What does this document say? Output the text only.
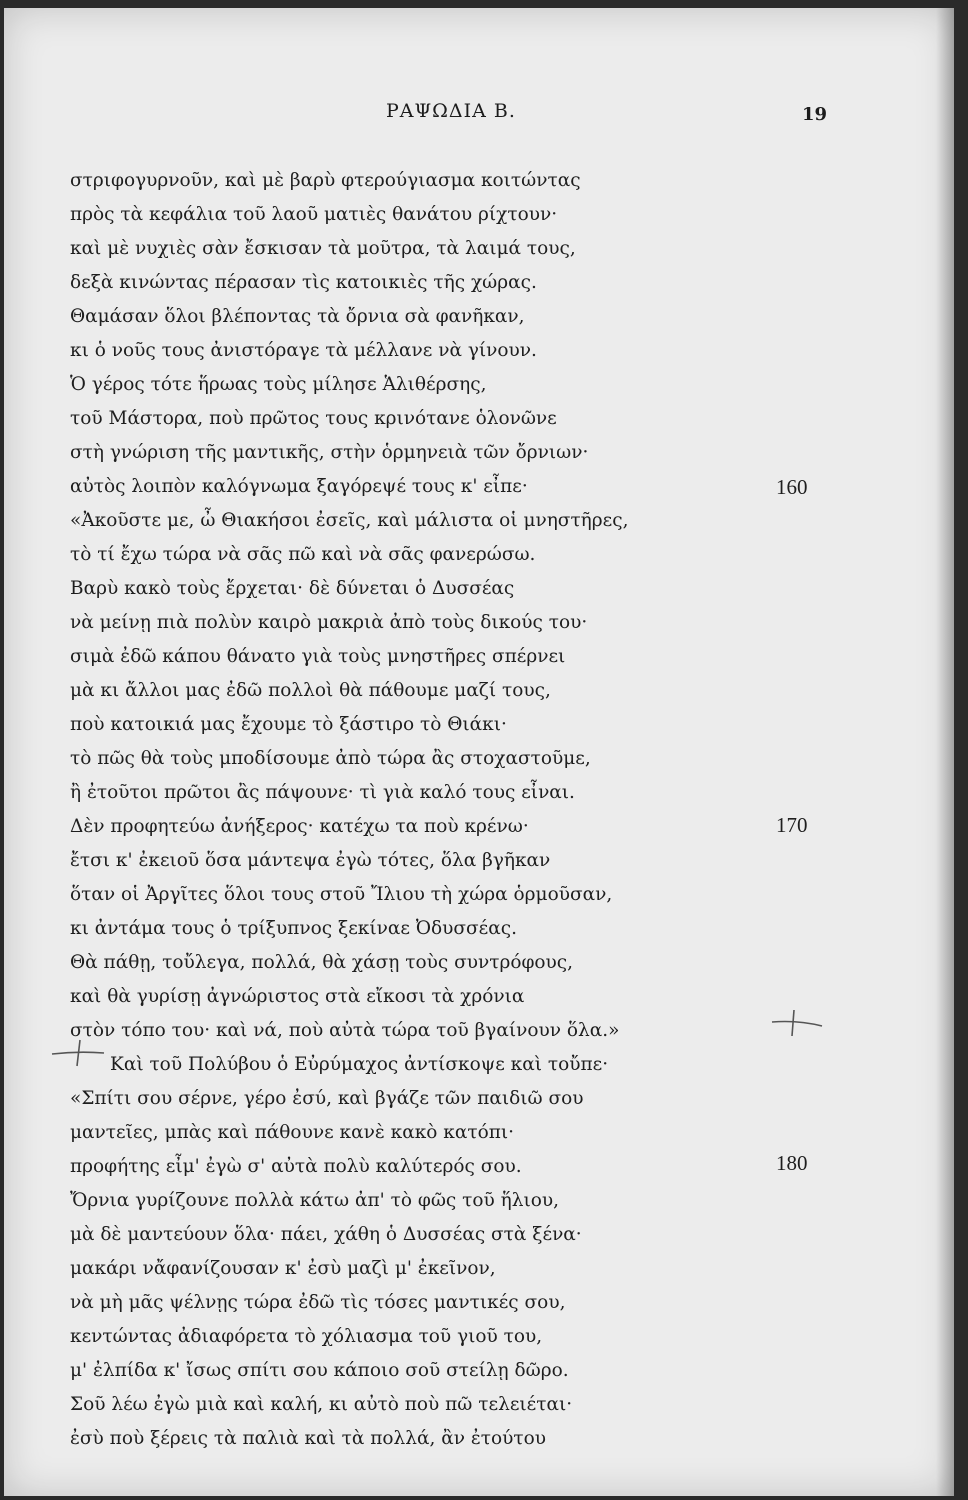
ΡΑΨΩΔΙΑ Β.	19
στριφογυρνοῦν, καὶ μὲ βαρὺ φτερούγιασμα κοιτώντας
πρὸς τὰ κεφάλια τοῦ λαοῦ ματιὲς θανάτου ρίχτουν·
καὶ μὲ νυχιὲς σὰν ἔσκισαν τὰ μοῦτρα, τὰ λαιμά τους,
δεξὰ κινώντας πέρασαν τὶς κατοικιὲς τῆς χώρας.
Θαμάσαν ὅλοι βλέποντας τὰ ὄρνια σὰ φανῆκαν,
κι ὁ νοῦς τους ἀνιστόραγε τὰ μέλλανε νὰ γίνουν.
Ὁ γέρος τότε ἥρωας τοὺς μίλησε Ἁλιθέρσης,
τοῦ Μάστορα, ποὺ πρῶτος τους κρινότανε ὁλονῶνε
στὴ γνώριση τῆς μαντικῆς, στὴν ὁρμηνειὰ τῶν ὄρνιων·
αὐτὸς λοιπὸν καλόγνωμα ξαγόρεψέ τους κ' εἶπε·
«Ἀκοῦστε με, ὦ Θιακήσοι ἐσεῖς, καὶ μάλιστα οἱ μνηστῆρες,
τὸ τί ἔχω τώρα νὰ σᾶς πῶ καὶ νὰ σᾶς φανερώσω.
Βαρὺ κακὸ τοὺς ἔρχεται· δὲ δύνεται ὁ Δυσσέας
νὰ μείνῃ πιὰ πολὺν καιρὸ μακριὰ ἀπὸ τοὺς δικούς του·
σιμὰ ἐδῶ κάπου θάνατο γιὰ τοὺς μνηστῆρες σπέρνει
μὰ κι ἄλλοι μας ἐδῶ πολλοὶ θὰ πάθουμε μαζί τους,
ποὺ κατοικιά μας ἔχουμε τὸ ξάστιρο τὸ Θιάκι·
τὸ πῶς θὰ τοὺς μποδίσουμε ἀπὸ τώρα ἂς στοχαστοῦμε,
ἢ ἐτοῦτοι πρῶτοι ἂς πάψουνε· τὶ γιὰ καλό τους εἶναι.
Δὲν προφητεύω ἀνήξερος· κατέχω τα ποὺ κρένω·
ἔτσι κ' ἐκειοῦ ὅσα μάντεψα ἐγὼ τότες, ὅλα βγῆκαν
ὅταν οἱ Ἀργῖτες ὅλοι τους στοῦ Ἴλιου τὴ χώρα ὁρμοῦσαν,
κι ἀντάμα τους ὁ τρίξυπνος ξεκίναε Ὀδυσσέας.
Θὰ πάθῃ, τοὔλεγα, πολλά, θὰ χάσῃ τοὺς συντρόφους,
καὶ θὰ γυρίσῃ ἀγνώριστος στὰ εἴκοσι τὰ χρόνια
στὸν τόπο του· καὶ νά, ποὺ αὐτὰ τώρα τοῦ βγαίνουν ὅλα.»
Καὶ τοῦ Πολύβου ὁ Εὐρύμαχος ἀντίσκοψε καὶ τοὔπε·
«Σπίτι σου σέρνε, γέρο ἐσύ, καὶ βγάζε τῶν παιδιῶ σου
μαντεῖες, μπὰς καὶ πάθουνε κανὲ κακὸ κατόπι·
προφήτης εἶμ' ἐγὼ σ' αὐτὰ πολὺ καλύτερός σου.
Ὄρνια γυρίζουνε πολλὰ κάτω ἀπ' τὸ φῶς τοῦ ἥλιου,
μὰ δὲ μαντεύουν ὅλα· πάει, χάθη ὁ Δυσσέας στὰ ξένα·
μακάρι νἄφανίζουσαν κ' ἐσὺ μαζὶ μ' ἐκεῖνον,
νὰ μὴ μᾶς ψέλνῃς τώρα ἐδῶ τὶς τόσες μαντικές σου,
κεντώντας ἀδιαφόρετα τὸ χόλιασμα τοῦ γιοῦ του,
μ' ἐλπίδα κ' ἴσως σπίτι σου κάποιο σοῦ στείλῃ δῶρο.
Σοῦ λέω ἐγὼ μιὰ καὶ καλή, κι αὐτὸ ποὺ πῶ τελειέται·
ἐσὺ ποὺ ξέρεις τὰ παλιὰ καὶ τὰ πολλά, ἂν ἐτούτου
160
170
180
